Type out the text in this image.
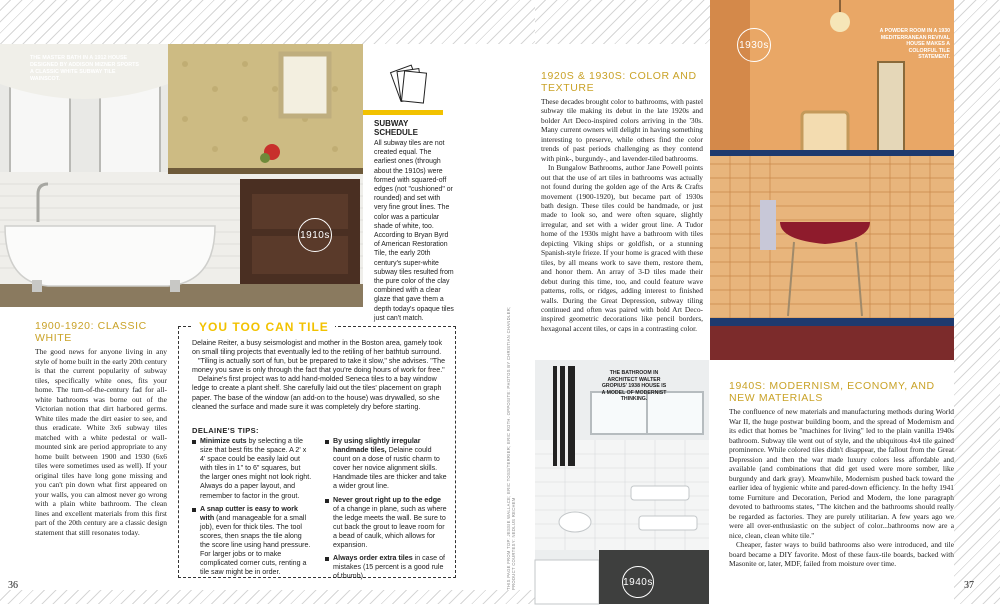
THE MASTER BATH IN A 1912 HOUSE DESIGNED BY ADDISON MIZNER SPORTS A CLASSIC WHITE SUBWAY TILE WAINSCOT.
1910s
SUBWAY SCHEDULE
All subway tiles are not created equal. The earliest ones (through about the 1910s) were formed with squared-off edges (not "cushioned" or rounded) and set with very fine grout lines. The color was a particular shade of white, too. According to Bryan Byrd of American Restoration Tile, the early 20th century's super-white subway tiles resulted from the pure color of the clay combined with a clear glaze that gave them a depth today's opaque tiles just can't match.
1900-1920: CLASSIC WHITE
The good news for anyone living in any style of home built in the early 20th century is that the current popularity of subway tiles, specifically white ones, fits your home. The turn-of-the-century fad for all-white bathrooms was borne out of the Victorian notion that dirt harbored germs. White tiles made the dirt easier to see, and thus eradicate. White 3x6 subway tiles matched with a white pedestal or wall-mounted sink are period appropriate to any home built between 1900 and 1930 (6x6 tiles were sometimes used as well). If your original tiles have long gone missing and you can't pin down what first appeared on your walls, you can almost never go wrong with a plain white bathroom. The clean lines and excellent materials from this first part of the 20th century are a classic design statement that still resonates today.
36
YOU TOO CAN TILE

Delaine Reiter, a busy seismologist and mother in the Boston area, gamely took on small tiling projects that eventually led to the retiling of her bathtub surround.

"Tiling is actually sort of fun, but be prepared to take it slow," she advises. "The money you save is only through the fact that you're doing hours of work for free."

Delaine's first project was to add hand-molded Seneca tiles to a bay window ledge to create a plant shelf. She carefully laid out the tiles' placement on graph paper. The base of the window (an add-on to the house) was drywalled, so she cleaned the surface and made sure it was completely dry before starting.

DELAINE'S TIPS:
Minimize cuts by selecting a tile size that best fits the space. A 2' x 4' space could be easily laid out with tiles in 1" to 6" squares, but the larger ones might not look right. Always do a paper layout, and remember to factor in the grout.
A snap cutter is easy to work with (and manageable for a small job), even for thick tiles. The tool scores, then snaps the tile along the score line using hand pressure. For larger jobs or to make complicated corner cuts, renting a tile saw might be in order.
By using slightly irregular handmade tiles, Delaine could count on a dose of rustic charm to cover her novice alignment skills. Handmade tiles are thicker and take a wider grout line.
Never grout right up to the edge of a change in plane, such as where the ledge meets the wall. Be sure to cut back the grout to leave room for a bead of caulk, which allows for expansion.
Always order extra tiles in case of mistakes (15 percent is a good rule of thumb).	THIS PAGE FROM TOP: JESSIE WALLACE; ERIC TOSS/TERRIER; ERIC ROTH. OPPOSITE: PHOTOS BY CHRISTIAN CHANDLER; PRODUCT COURTESY: NEDLUS RECHEM
1920S & 1930S: COLOR AND TEXTURE

These decades brought color to bathrooms, with pastel subway tile making its debut in the late 1920s and bolder Art Deco-inspired colors arriving in the '30s. Many current owners will delight in having something interesting to preserve, while others find the color trends of past periods challenging as they contend with pink-, burgundy-, and lavender-tiled bathrooms.

In Bungalow Bathrooms, author Jane Powell points out that the use of art tiles in bathrooms was actually not found during the golden age of the Arts & Crafts movement (1900-1920), but became part of 1930s bath design. These tiles could be handmade, or just made to look so, and were often square, slightly irregular, and set with a wider grout line. A Tudor home of the 1930s might have a bathroom with tiles depicting Viking ships or goldfish, or a stunning Spanish-style frieze. If your home is graced with these tiles, by all means work to save them, restore them, and honor them. An array of 3-D tiles made their debut during this time, too, and could feature wave patterns, rolls, or ridges, adding interest to finished walls. During the Great Depression, subway tiling continued and often was paired with bold Art Deco-inspired geometric decorations like pencil borders, hexagonal accent tiles, or caps in a contrasting color.

A POWDER ROOM IN A 1930 MEDITERRANEAN REVIVAL HOUSE MAKES A COLORFUL TILE STATEMENT.
1930s
THE BATHROOM IN ARCHITECT WALTER GROPIUS' 1938 HOUSE IS A MODEL OF MODERNIST THINKING.
1940s
1940S: MODERNISM, ECONOMY, AND NEW MATERIALS

The confluence of new materials and manufacturing methods during World War II, the huge postwar building boom, and the spread of Modernism and its edict that homes be "machines for living" led to the plain vanilla 1940s bathroom. Subway tile went out of style, and the ubiquitous 4x4 tile gained prominence. While colored tiles didn't disappear, the fallout from the Great Depression and then the war made luxury colors less affordable and available (and combinations that did get used were more somber, like burgundy and dark gray). Meanwhile, Modernism pushed back toward the earlier idea of hygienic white and pared-down efficiency. In the hefty 1941 tome Furniture and Decoration, Period and Modern, the lone paragraph devoted to bathrooms states, "The kitchen and the bathrooms should really be regarded as factories. They are purely utilitarian. A few years ago we were all over-enthusiastic on the subject of color...bathrooms now are a nice, clean, clean white tile."

Cheaper, faster ways to build bathrooms also were introduced, and tile board became a DIY favorite. Most of these faux-tile boards, backed with Masonite or, later, MDF, failed from moisture over time.

37
